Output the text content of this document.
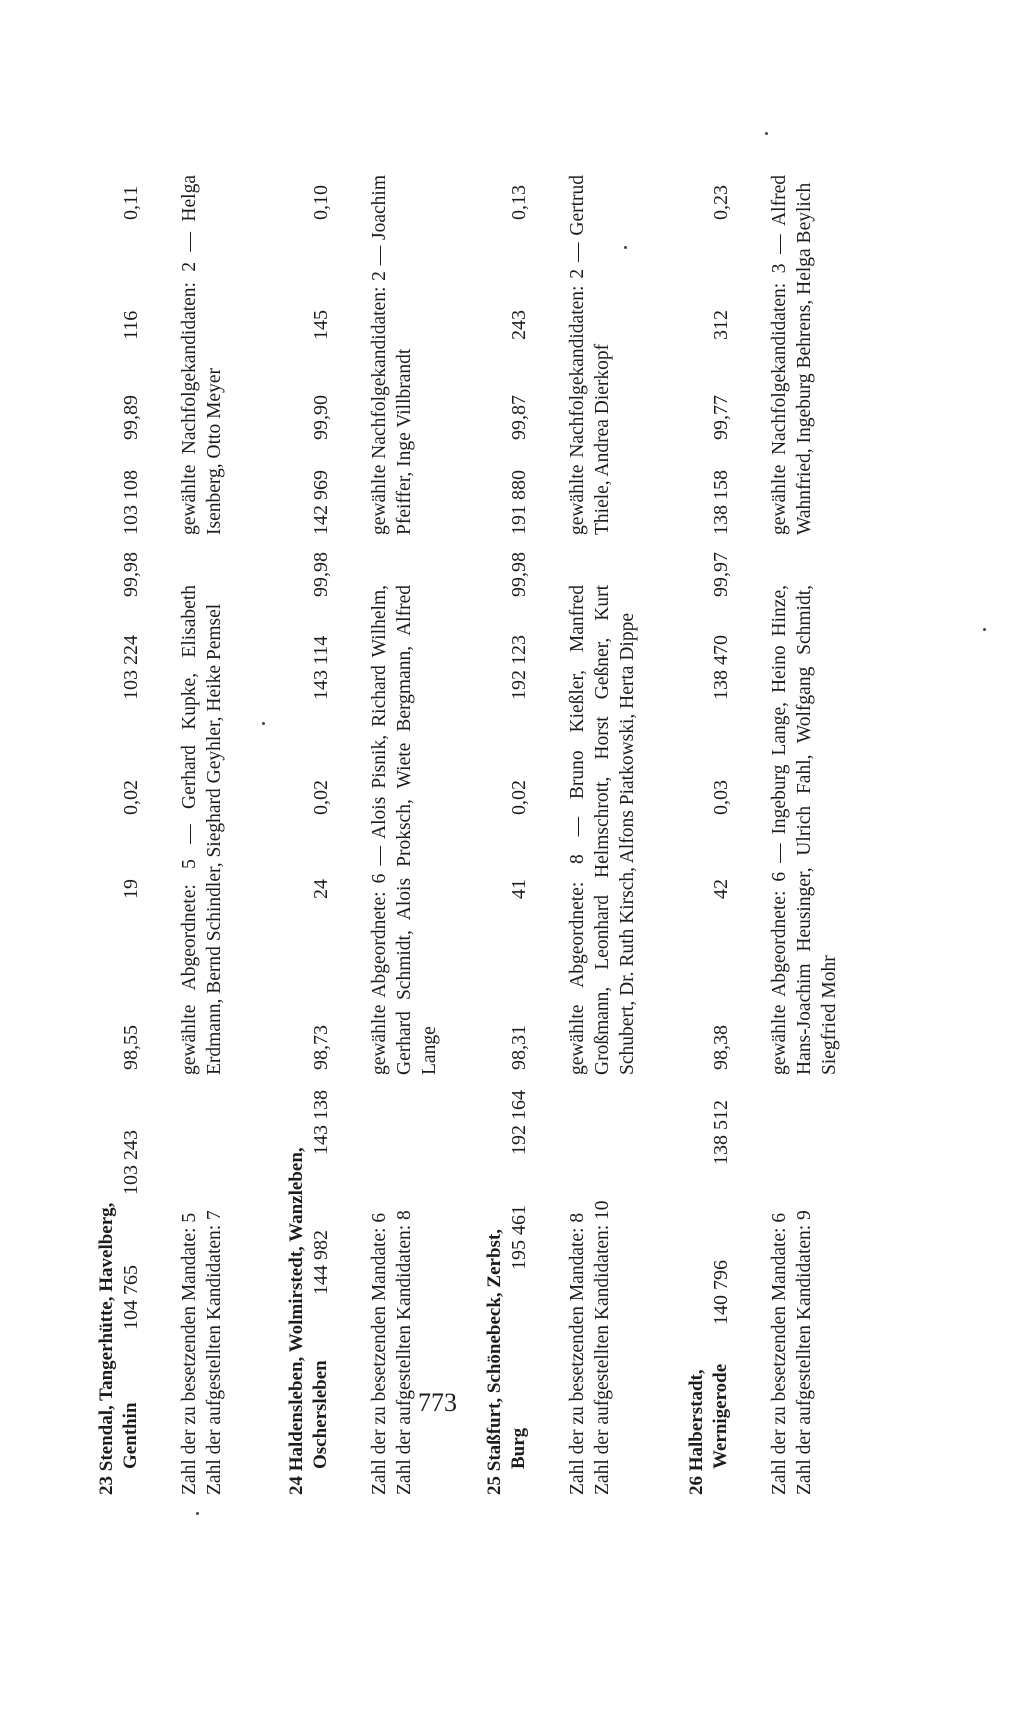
23 Stendal, Tangerhütte, Havelberg, Genthin
104 765
103 243
98,55
19
0,02
103 224
99,98
103 108
99,89
116
0,11
Zahl der zu besetzenden Mandate: 5 Zahl der aufgestellten Kandidaten: 7
gewählte Abgeordnete: 5 — Gerhard Kupke, Elisabeth Erdmann, Bernd Schindler, Sieghard Geyhler, Heike Pemsel
gewählte Nachfolgekandidaten: 2 — Helga Isenberg, Otto Meyer
24 Haldensleben, Wolmirstedt, Wanzleben, Oschersleben
144 982
143 138
98,73
24
0,02
143 114
99,98
142 969
99,90
145
0,10
Zahl der zu besetzenden Mandate: 6 Zahl der aufgestellten Kandidaten: 8
gewählte Abgeordnete: 6 — Alois Pisnik, Richard Wilhelm, Gerhard Schmidt, Alois Proksch, Wiete Bergmann, Alfred Lange
gewählte Nachfolgekandidaten: 2 — Joachim Pfeiffer, Inge Villbrandt
25 Staßfurt, Schönebeck, Zerbst, Burg
195 461
192 164
98,31
41
0,02
192 123
99,98
191 880
99,87
243
0,13
Zahl der zu besetzenden Mandate: 8 Zahl der aufgestellten Kandidaten: 10
gewählte Abgeordnete: 8 — Bruno Kießler, Manfred Großmann, Leonhard Helmschrott, Horst Geßner, Kurt Schubert, Dr. Ruth Kirsch, Alfons Piatkowski, Herta Dippe
gewählte Nachfolgekandidaten: 2 — Gertrud Thiele, Andrea Dierkopf
26 Halberstadt, Wernigerode
140 796
138 512
98,38
42
0,03
138 470
99,97
138 158
99,77
312
0,23
Zahl der zu besetzenden Mandate: 6 Zahl der aufgestellten Kandidaten: 9
gewählte Abgeordnete: 6 — Ingeburg Lange, Heino Hinze, Hans-Joachim Heusinger, Ulrich Fahl, Wolfgang Schmidt, Siegfried Mohr
gewählte Nachfolgekandidaten: 3 — Alfred Wahnfried, Ingeburg Behrens, Helga Beylich
773
